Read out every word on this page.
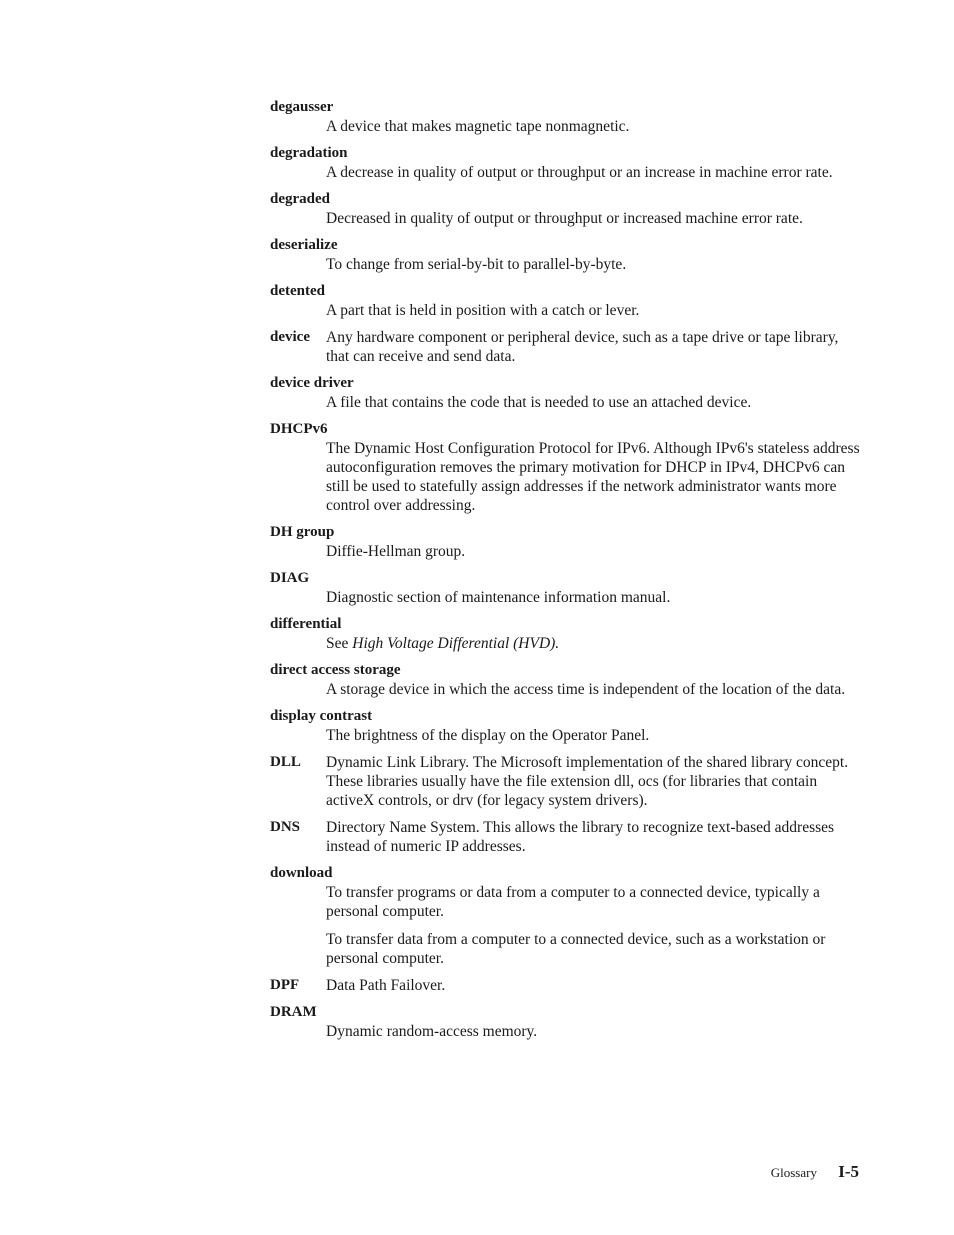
degausser

A device that makes magnetic tape nonmagnetic.

degradation

A decrease in quality of output or throughput or an increase in machine error rate.

degraded

Decreased in quality of output or throughput or increased machine error rate.

deserialize

To change from serial-by-bit to parallel-by-byte.

detented

A part that is held in position with a catch or lever.

device	Any hardware component or peripheral device, such as a tape drive or tape library, that can receive and send data.

device driver

A file that contains the code that is needed to use an attached device.

DHCPv6

The Dynamic Host Configuration Protocol for IPv6. Although IPv6's stateless address autoconfiguration removes the primary motivation for DHCP in IPv4, DHCPv6 can still be used to statefully assign addresses if the network administrator wants more control over addressing.

DH group

Diffie-Hellman group.

DIAG

Diagnostic section of maintenance information manual.

differential

See High Voltage Differential (HVD).

direct access storage

A storage device in which the access time is independent of the location of the data.

display contrast

The brightness of the display on the Operator Panel.

DLL	Dynamic Link Library. The Microsoft implementation of the shared library concept. These libraries usually have the file extension dll, ocs (for libraries that contain activeX controls, or drv (for legacy system drivers).

DNS	Directory Name System. This allows the library to recognize text-based addresses instead of numeric IP addresses.

download

To transfer programs or data from a computer to a connected device, typically a personal computer.

To transfer data from a computer to a connected device, such as a workstation or personal computer.

DPF	Data Path Failover.

DRAM

Dynamic random-access memory.

Glossary I-5
